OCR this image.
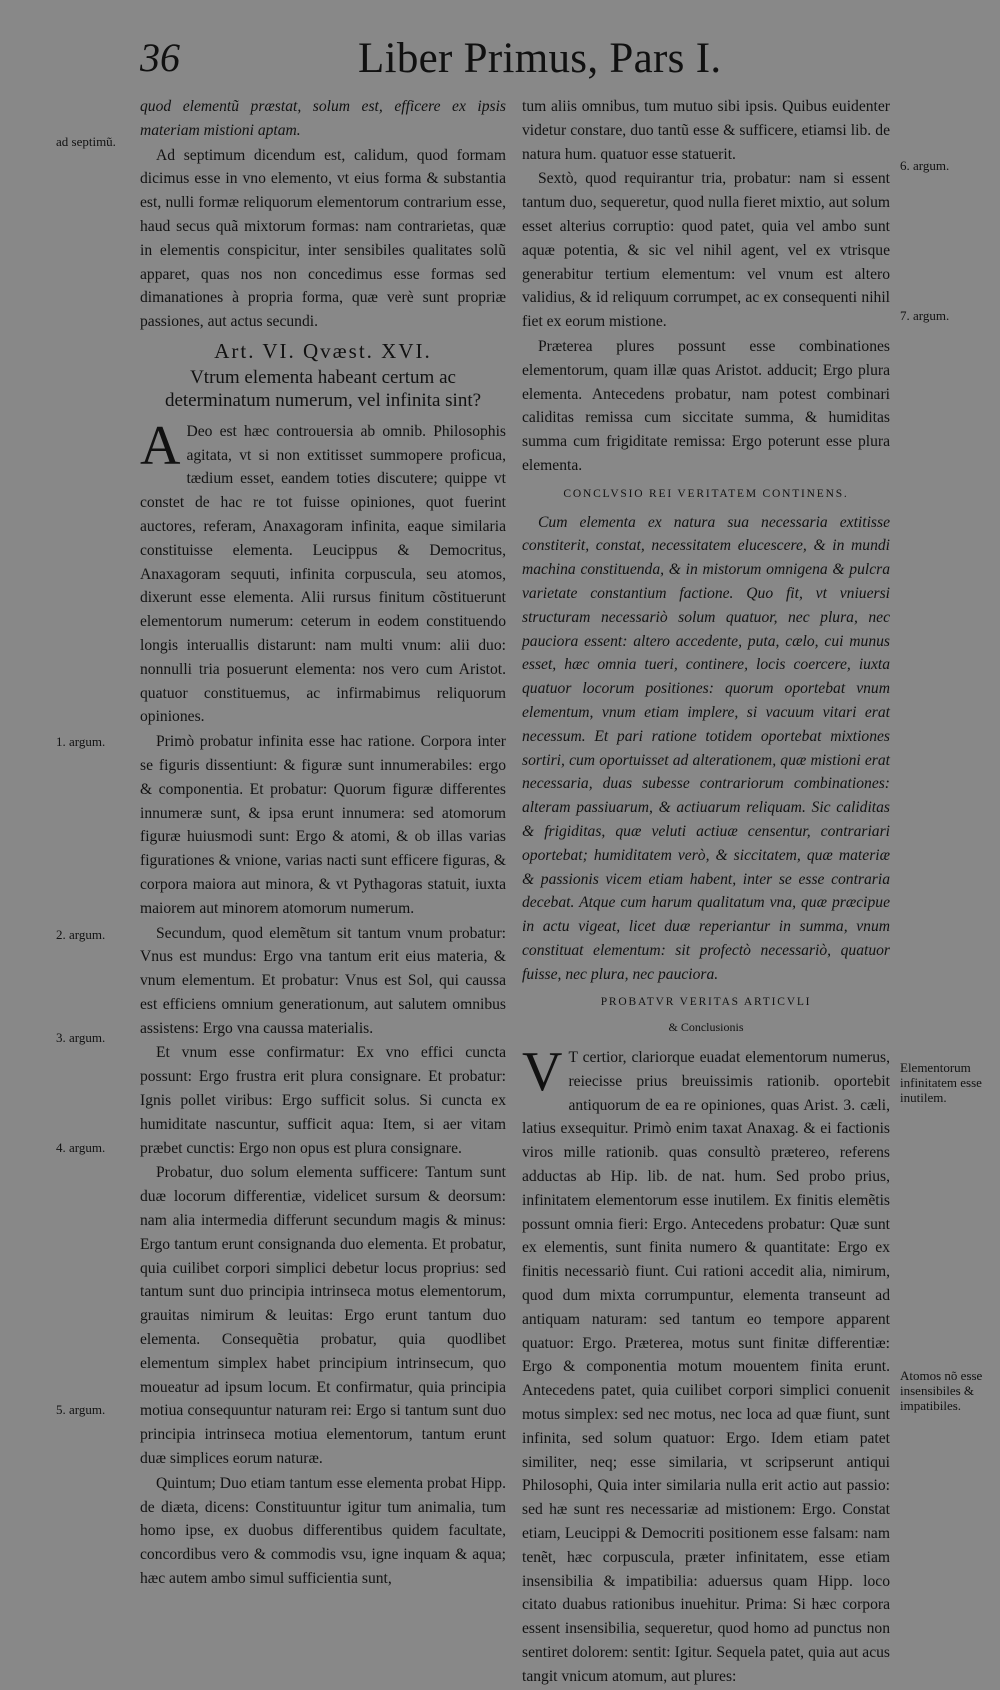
36	Liber Primus, Pars I.

quod elementũ præstat, solum est, efficere ex ipsis materiam mistioni aptam.

Ad septimum dicendum est, calidum, quod formam dicimus esse in vno elemento, vt eius forma & substantia est, nulli formæ reliquorum elementorum contrarium esse, haud secus quã mixtorum formas: nam contrarietas, quæ in elementis conspicitur, inter sensibiles qualitates solũ apparet, quas nos non concedimus esse formas sed dimanationes à propria forma, quæ verè sunt propriæ passiones, aut actus secundi.

Art. VI. Qvæst. XVI.
Vtrum elementa habeant certum ac determinatum numerum, vel infinita sint?

A Deo est hæc controuersia ab omnib. Philosophis agitata, vt si non extitisset summopere proficua, tædium esset, eandem toties discutere; quippe vt constet de hac re tot fuisse opiniones, quot fuerint auctores, referam, Anaxagoram infinita, eaque similaria constituisse elementa. Leucippus & Democritus, Anaxagoram sequuti, infinita corpuscula, seu atomos, dixerunt esse elementa. Alii rursus finitum cõstituerunt elementorum numerum: ceterum in eodem constituendo longis interuallis distarunt: nam multi vnum: alii duo: nonnulli tria posuerunt elementa: nos vero cum Aristot. quatuor constituemus, ac infirmabimus reliquorum opiniones.

Primò probatur infinita esse hac ratione. Corpora inter se figuris dissentiunt: & figuræ sunt innumerabiles: ergo & componentia. Et probatur: Quorum figuræ differentes innumeræ sunt, & ipsa erunt innumera: sed atomorum figuræ huiusmodi sunt: Ergo & atomi, & ob illas varias figurationes & vnione, varias nacti sunt efficere figuras, & corpora maiora aut minora, & vt Pythagoras statuit, iuxta maiorem aut minorem atomorum numerum.

Secundum, quod elemẽtum sit tantum vnum probatur: Vnus est mundus: Ergo vna tantum erit eius materia, & vnum elementum. Et probatur: Vnus est Sol, qui caussa est efficiens omnium generationum, aut salutem omnibus assistens: Ergo vna caussa materialis.

Et vnum esse confirmatur: Ex vno effici cuncta possunt: Ergo frustra erit plura consignare. Et probatur: Ignis pollet viribus: Ergo sufficit solus. Si cuncta ex humiditate nascuntur, sufficit aqua: Item, si aer vitam præbet cunctis: Ergo non opus est plura consignare.

Probatur, duo solum elementa sufficere: Tantum sunt duæ locorum differentiæ, videlicet sursum & deorsum: nam alia intermedia differunt secundum magis & minus: Ergo tantum erunt consignanda duo elementa. Et probatur, quia cuilibet corpori simplici debetur locus proprius: sed tantum sunt duo principia intrinseca motus elementorum, grauitas nimirum & leuitas: Ergo erunt tantum duo elementa. Consequẽtia probatur, quia quodlibet elementum simplex habet principium intrinsecum, quo moueatur ad ipsum locum. Et confirmatur, quia principia motiua consequuntur naturam rei: Ergo si tantum sunt duo principia intrinseca motiua elementorum, tantum erunt duæ simplices eorum naturæ.

Quintum; Duo etiam tantum esse elementa probat Hipp. de diæta, dicens: Constituuntur igitur tum animalia, tum homo ipse, ex duobus differentibus quidem facultate, concordibus vero & commodis vsu, igne inquam & aqua; hæc autem ambo simul sufficientia sunt,

tum aliis omnibus, tum mutuo sibi ipsis. Quibus euidenter videtur constare, duo tantũ esse & sufficere, etiamsi lib. de natura hum. quatuor esse statuerit.

Sextò, quod requirantur tria, probatur: nam si essent tantum duo, sequeretur, quod nulla fieret mixtio, aut solum esset alterius corruptio: quod patet, quia vel ambo sunt aquæ potentia, & sic vel nihil agent, vel ex vtrisque generabitur tertium elementum: vel vnum est altero validius, & id reliquum corrumpet, ac ex consequenti nihil fiet ex eorum mistione.

Præterea plures possunt esse combinationes elementorum, quam illæ quas Aristot. adducit; Ergo plura elementa. Antecedens probatur, nam potest combinari caliditas remissa cum siccitate summa, & humiditas summa cum frigiditate remissa: Ergo poterunt esse plura elementa.

CONCLVSIO REI VERITATEM CONTINENS.

Cum elementa ex natura sua necessaria extitisse constiterit, constat, necessitatem elucescere, & in mundi machina constituenda, & in mistorum omnigena & pulcra varietate constantium factione. Quo fit, vt vniuersi structuram necessariò solum quatuor, nec plura, nec pauciora essent: altero accedente, puta, cælo, cui munus esset, hæc omnia tueri, continere, locis coercere, iuxta quatuor locorum positiones: quorum oportebat vnum elementum, vnum etiam implere, si vacuum vitari erat necessum. Et pari ratione totidem oportebat mixtiones sortiri, cum oportuisset ad alterationem, quæ mistioni erat necessaria, duas subesse contrariorum combinationes: alteram passiuarum, & actiuarum reliquam. Sic caliditas & frigiditas, quæ veluti actiuæ censentur, contrariari oportebat; humiditatem verò, & siccitatem, quæ materiæ & passionis vicem etiam habent, inter se esse contraria decebat. Atque cum harum qualitatum vna, quæ præcipue in actu vigeat, licet duæ reperiantur in summa, vnum constituat elementum: sit profectò necessariò, quatuor fuisse, nec plura, nec pauciora.

PROBATVR VERITAS ARTICVLI
& Conclusionis

V T certior, clariorque euadat elementorum numerus, reiecisse prius breuissimis rationib. oportebit antiquorum de ea re opiniones, quas Arist. 3. cæli, latius exsequitur. Primò enim taxat Anaxag. & ei factionis viros mille rationib. quas consultò prætereo, referens adductas ab Hip. lib. de nat. hum. Sed probo prius, infinitatem elementorum esse inutilem. Ex finitis elemẽtis possunt omnia fieri: Ergo. Antecedens probatur: Quæ sunt ex elementis, sunt finita numero & quantitate: Ergo ex finitis necessariò fiunt. Cui rationi accedit alia, nimirum, quod dum mixta corrumpuntur, elementa transeunt ad antiquam naturam: sed tantum eo tempore apparent quatuor: Ergo. Præterea, motus sunt finitæ differentiæ: Ergo & componentia motum mouentem finita erunt. Antecedens patet, quia cuilibet corpori simplici conuenit motus simplex: sed nec motus, nec loca ad quæ fiunt, sunt infinita, sed solum quatuor: Ergo. Idem etiam patet similiter, neq; esse similaria, vt scripserunt antiqui Philosophi, Quia inter similaria nulla erit actio aut passio: sed hæ sunt res necessariæ ad mistionem: Ergo. Constat etiam, Leucippi & Democriti positionem esse falsam: nam tenẽt, hæc corpuscula, præter infinitatem, esse etiam insensibilia & impatibilia: aduersus quam Hipp. loco citato duabus rationibus inuehitur. Prima: Si hæc corpora essent insensibilia, sequeretur, quod homo ad punctus non sentiret dolorem: sentit: Igitur. Sequela patet, quia aut acus tangit vnicum atomum, aut plures:

ad septimũ.
1. argum.
2. argum.
3. argum.
4. argum.
5. argum.
6. argum.
7. argum.
Elementorum infinitatem esse inutilem.
Atomos nõ esse insensibiles & impatibiles.
